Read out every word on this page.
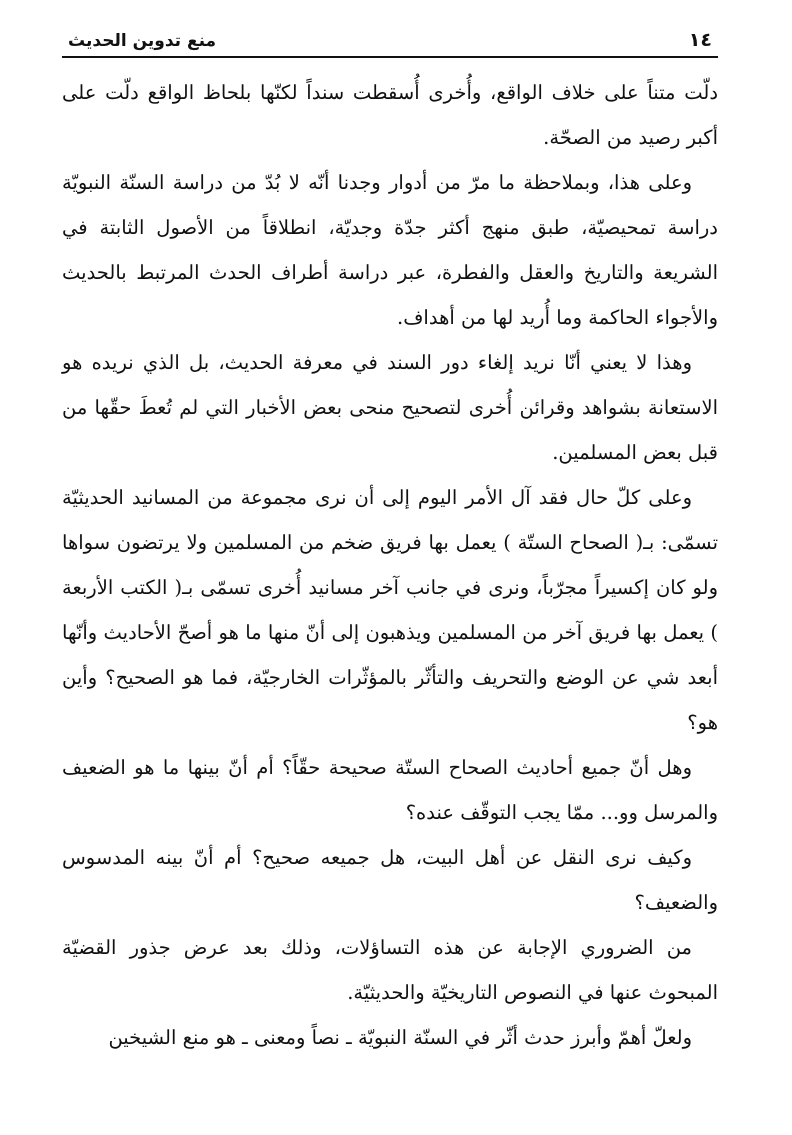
١٤
منع تدوين الحديث

دلّت متناً على خلاف الواقع، وأُخرى أُسقطت سنداً لكنّها بلحاظ الواقع دلّت على أكبر رصيد من الصحّة.

وعلى هذا، وبملاحظة ما مرّ من أدوار وجدنا أنّه لا بُدّ من دراسة السنّة النبويّة دراسة تمحيصيّة، طبق منهج أكثر جدّة وجديّة، انطلاقاً من الأصول الثابتة في الشريعة والتاريخ والعقل والفطرة، عبر دراسة أطراف الحدث المرتبط بالحديث والأجواء الحاكمة وما أُريد لها من أهداف.

وهذا لا يعني أنّا نريد إلغاء دور السند في معرفة الحديث، بل الذي نريده هو الاستعانة بشواهد وقرائن أُخرى لتصحيح منحى بعض الأخبار التي لم تُعطَ حقّها من قبل بعض المسلمين.

وعلى كلّ حال فقد آل الأمر اليوم إلى أن نرى مجموعة من المسانيد الحديثيّة تسمّى: بـ( الصحاح الستّة ) يعمل بها فريق ضخم من المسلمين ولا يرتضون سواها ولو كان إكسيراً مجرّباً، ونرى في جانب آخر مسانيد أُخرى تسمّى بـ( الكتب الأربعة ) يعمل بها فريق آخر من المسلمين ويذهبون إلى أنّ منها ما هو أصحّ الأحاديث وأنّها أبعد شي عن الوضع والتحريف والتأثّر بالمؤثّرات الخارجيّة، فما هو الصحيح؟ وأين هو؟

وهل أنّ جميع أحاديث الصحاح الستّة صحيحة حقّاً؟ أم أنّ بينها ما هو الضعيف والمرسل وو... ممّا يجب التوقّف عنده؟

وكيف نرى النقل عن أهل البيت، هل جميعه صحيح؟ أم أنّ بينه المدسوس والضعيف؟

من الضروري الإجابة عن هذه التساؤلات، وذلك بعد عرض جذور القضيّة المبحوث عنها في النصوص التاريخيّة والحديثيّة.

ولعلّ أهمّ وأبرز حدث أثّر في السنّة النبويّة ـ نصاً ومعنى ـ هو منع الشيخين
